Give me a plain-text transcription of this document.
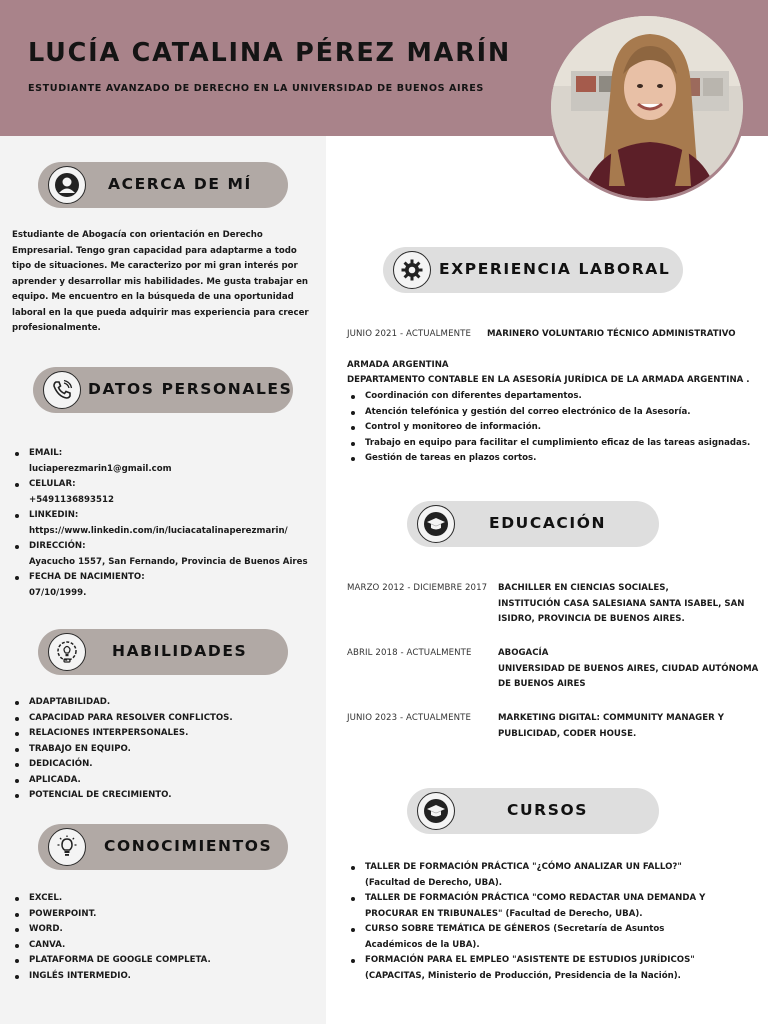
LUCÍA CATALINA PÉREZ MARÍN
ESTUDIANTE AVANZADO DE DERECHO EN LA UNIVERSIDAD DE BUENOS AIRES
ACERCA DE MÍ
Estudiante de Abogacía con orientación en Derecho
Empresarial. Tengo gran capacidad para adaptarme a todo
tipo de situaciones. Me caracterizo por mi gran interés por
aprender y desarrollar mis habilidades. Me gusta trabajar en
equipo. Me encuentro en la búsqueda de una oportunidad
laboral en la que pueda adquirir mas experiencia para crecer
profesionalmente.
DATOS PERSONALES
EMAIL:
luciaperezmarin1@gmail.com
CELULAR:
+5491136893512
LINKEDIN:
https://www.linkedin.com/in/luciacatalinaperezmarin/
DIRECCIÓN:
Ayacucho 1557, San Fernando, Provincia de Buenos Aires
FECHA DE NACIMIENTO:
07/10/1999.
HABILIDADES
ADAPTABILIDAD.
CAPACIDAD PARA RESOLVER CONFLICTOS.
RELACIONES INTERPERSONALES.
TRABAJO EN EQUIPO.
DEDICACIÓN.
APLICADA.
POTENCIAL DE CRECIMIENTO.
CONOCIMIENTOS
EXCEL.
POWERPOINT.
WORD.
CANVA.
PLATAFORMA DE GOOGLE COMPLETA.
INGLÉS INTERMEDIO.
EXPERIENCIA LABORAL
JUNIO 2021 - ACTUALMENTE MARINERO VOLUNTARIO TÉCNICO ADMINISTRATIVO
ARMADA ARGENTINA
DEPARTAMENTO CONTABLE EN LA ASESORÍA JURÍDICA DE LA ARMADA ARGENTINA .
Coordinación con diferentes departamentos.
Atención telefónica y gestión del correo electrónico de la Asesoría.
Control y monitoreo de información.
Trabajo en equipo para facilitar el cumplimiento eficaz de las tareas asignadas.
Gestión de tareas en plazos cortos.
EDUCACIÓN
MARZO 2012 - DICIEMBRE 2017 BACHILLER EN CIENCIAS SOCIALES,
INSTITUCIÓN CASA SALESIANA SANTA ISABEL, SAN
ISIDRO, PROVINCIA DE BUENOS AIRES.
ABRIL 2018 - ACTUALMENTE	ABOGACÍA
UNIVERSIDAD DE BUENOS AIRES, CIUDAD AUTÓNOMA
DE BUENOS AIRES
JUNIO 2023 - ACTUALMENTE	MARKETING DIGITAL: COMMUNITY MANAGER Y
PUBLICIDAD, CODER HOUSE.
CURSOS
TALLER DE FORMACIÓN PRÁCTICA "¿CÓMO ANALIZAR UN FALLO?"
(Facultad de Derecho, UBA).
TALLER DE FORMACIÓN PRÁCTICA "COMO REDACTAR UNA DEMANDA Y
PROCURAR EN TRIBUNALES" (Facultad de Derecho, UBA).
CURSO SOBRE TEMÁTICA DE GÉNEROS (Secretaría de Asuntos
Académicos de la UBA).
FORMACIÓN PARA EL EMPLEO "ASISTENTE DE ESTUDIOS JURÍDICOS"
(CAPACITAS, Ministerio de Producción, Presidencia de la Nación).
